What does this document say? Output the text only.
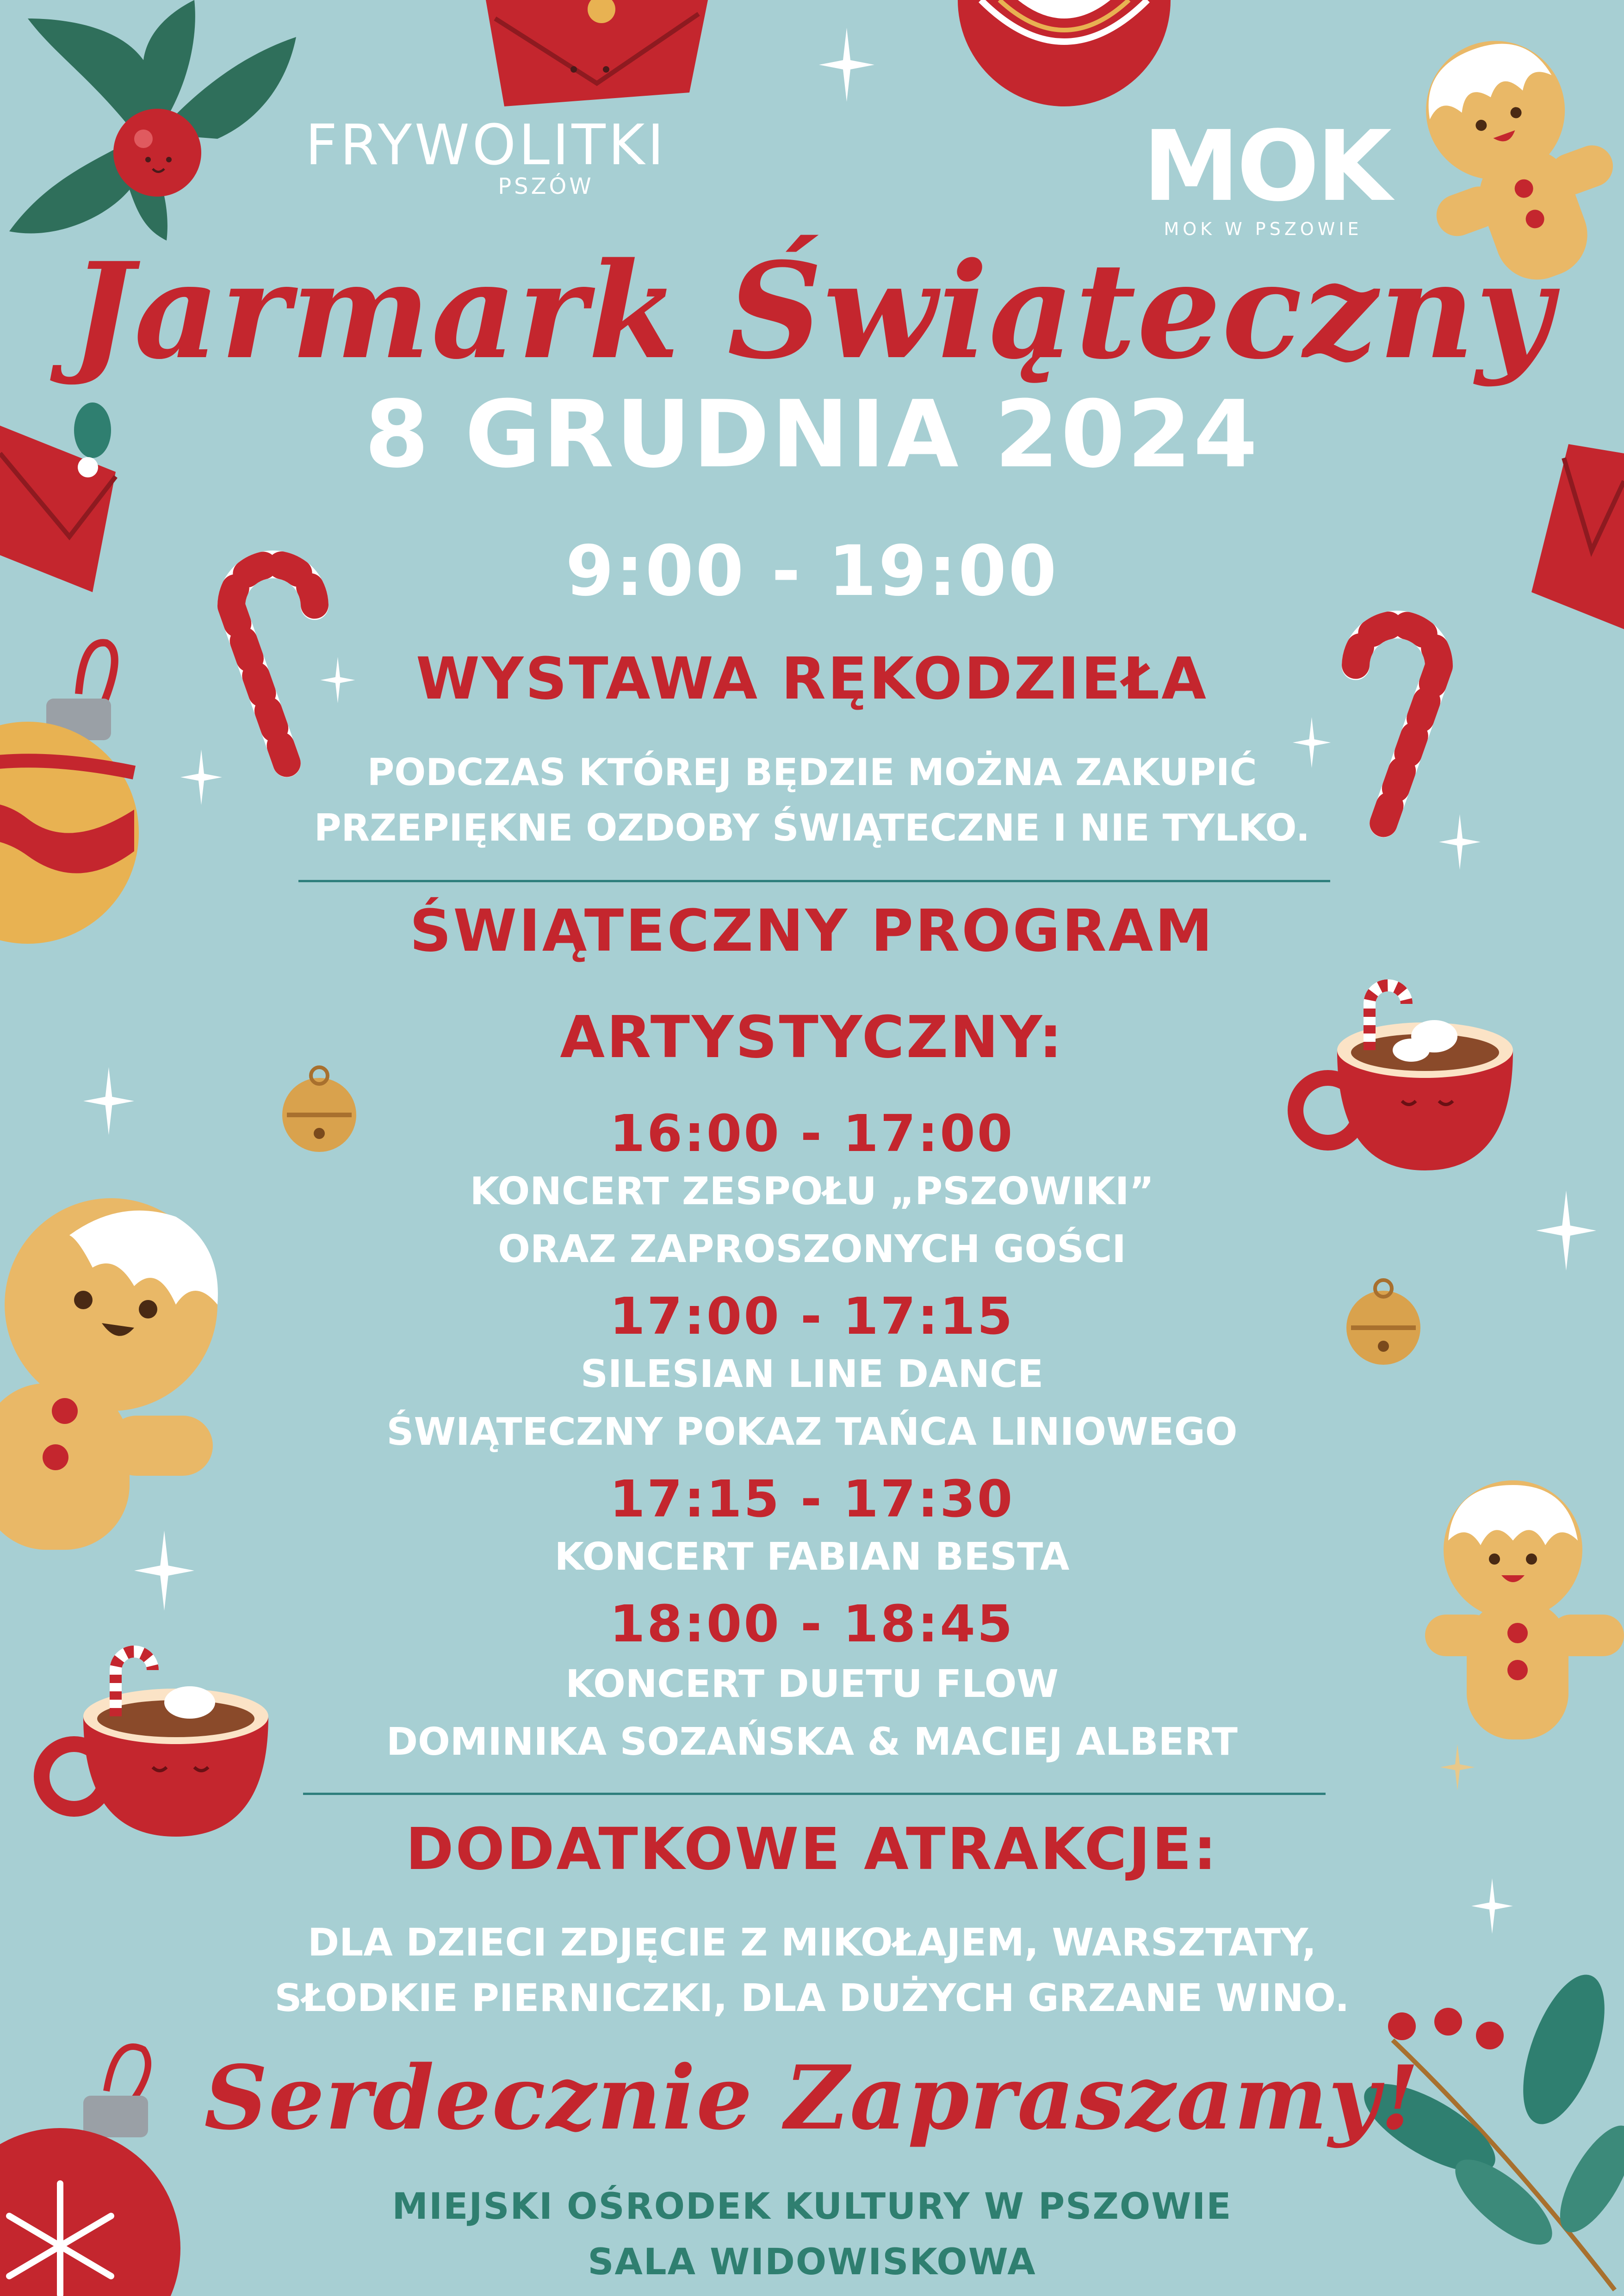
FRYWOLITKI
PSZÓW	MOK
MOK W PSZOWIE
Jarmark Świąteczny
8 GRUDNIA 2024
9:00 - 19:00
WYSTAWA RĘKODZIEŁA
PODCZAS KTÓREJ BĘDZIE MOŻNA ZAKUPIĆ
PRZEPIĘKNE OZDOBY ŚWIĄTECZNE I NIE TYLKO.
ŚWIĄTECZNY PROGRAM
ARTYSTYCZNY:
16:00 - 17:00
KONCERT ZESPOŁU „PSZOWIKI”
ORAZ ZAPROSZONYCH GOŚCI
17:00 - 17:15
SILESIAN LINE DANCE
ŚWIĄTECZNY POKAZ TAŃCA LINIOWEGO
17:15 - 17:30
KONCERT FABIAN BESTA
18:00 - 18:45
KONCERT DUETU FLOW
DOMINIKA SOZAŃSKA & MACIEJ ALBERT
DODATKOWE ATRAKCJE:
DLA DZIECI ZDJĘCIE Z MIKOŁAJEM, WARSZTATY,
SŁODKIE PIERNICZKI, DLA DUŻYCH GRZANE WINO.
Serdecznie Zapraszamy!
MIEJSKI OŚRODEK KULTURY W PSZOWIE
SALA WIDOWISKOWA
